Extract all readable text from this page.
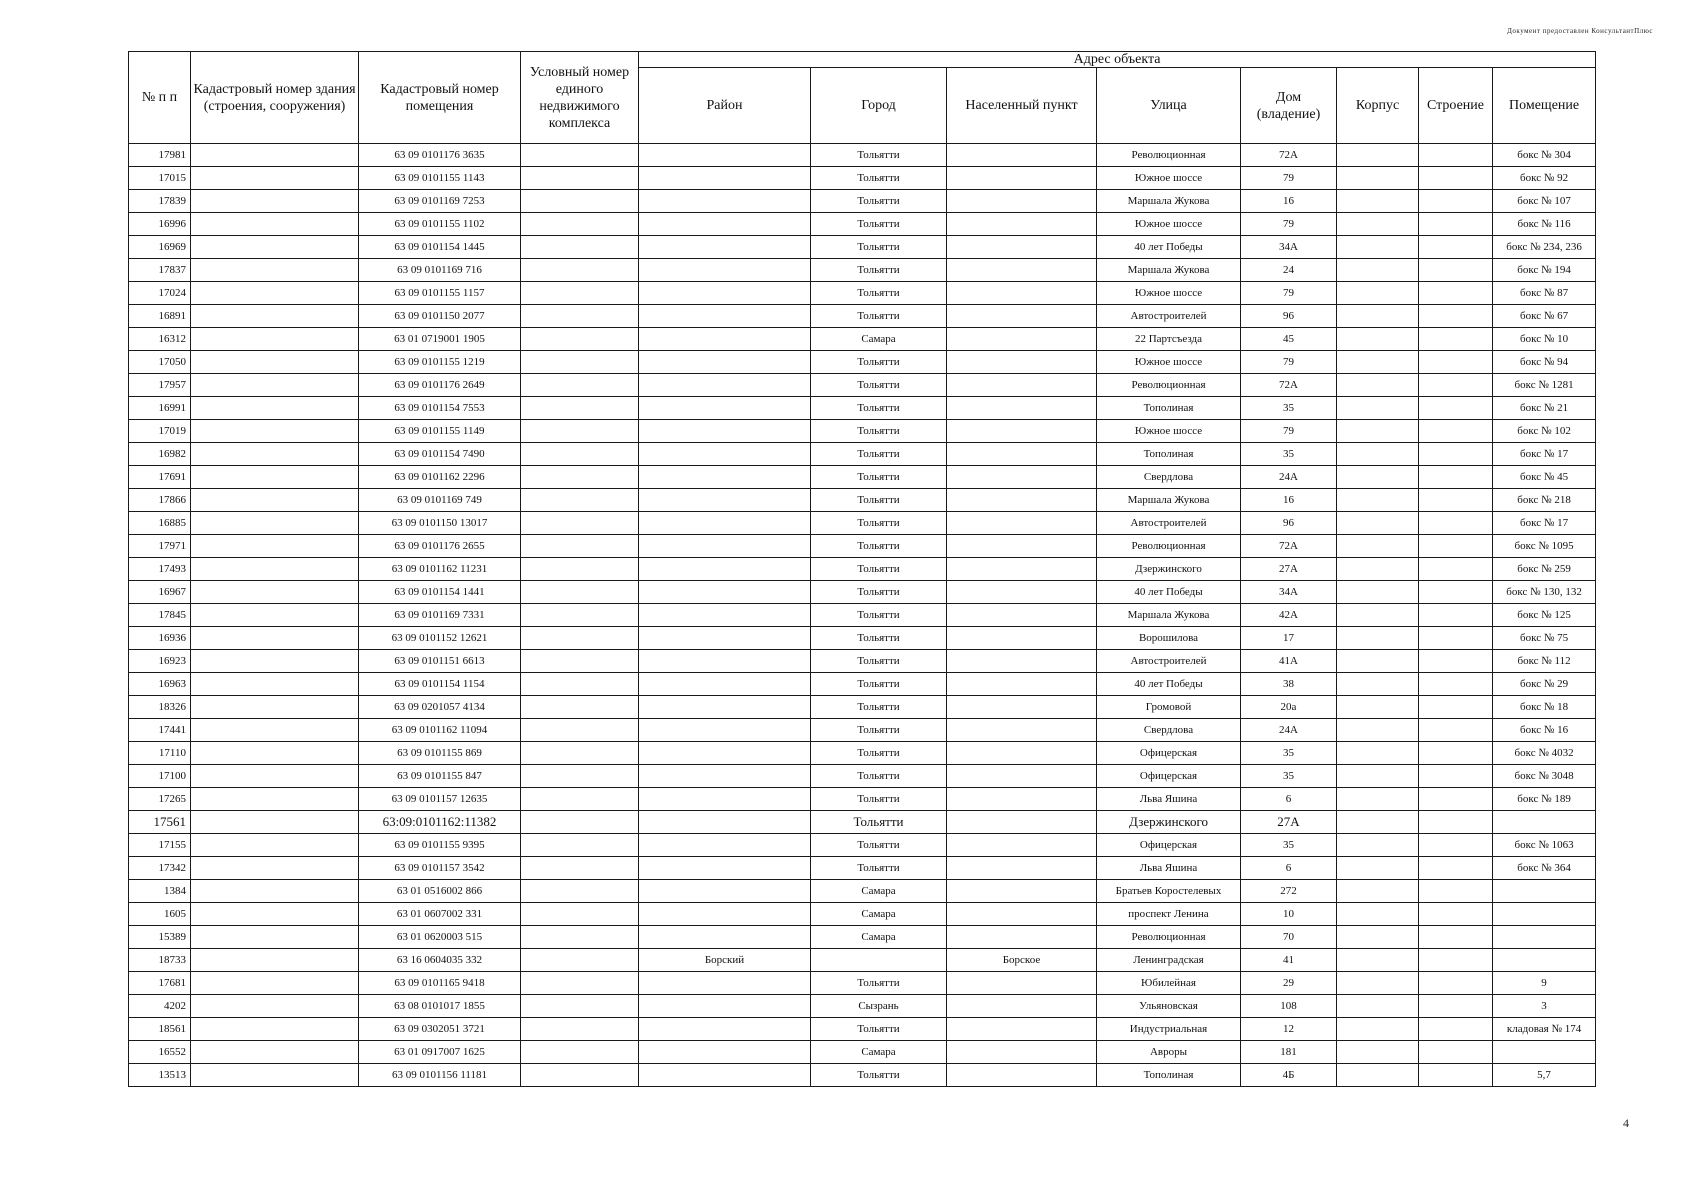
Документ предоставлен КонсультантПлюс
№ п п	Кадастровый номер здания (строения, сооружения)	Кадастровый номер помещения	Условный номер единого недвижимого комплекса	Адрес объекта							
				Район	Город	Населенный пункт	Улица	Дом (владение)	Корпус	Строение	Помещение
17981		63 09 0101176 3635			Тольятти		Революционная	72А			бокс № 304
17015		63 09 0101155 1143			Тольятти		Южное шоссе	79			бокс № 92
17839		63 09 0101169 7253			Тольятти		Маршала Жукова	16			бокс № 107
16996		63 09 0101155 1102			Тольятти		Южное шоссе	79			бокс № 116
16969		63 09 0101154 1445			Тольятти		40 лет Победы	34А			бокс № 234, 236
17837		63 09 0101169 716			Тольятти		Маршала Жукова	24			бокс № 194
17024		63 09 0101155 1157			Тольятти		Южное шоссе	79			бокс № 87
16891		63 09 0101150 2077			Тольятти		Автостроителей	96			бокс № 67
16312		63 01 0719001 1905			Самара		22 Партсъезда	45			бокс № 10
17050		63 09 0101155 1219			Тольятти		Южное шоссе	79			бокс № 94
17957		63 09 0101176 2649			Тольятти		Революционная	72А			бокс № 1281
16991		63 09 0101154 7553			Тольятти		Тополиная	35			бокс № 21
17019		63 09 0101155 1149			Тольятти		Южное шоссе	79			бокс № 102
16982		63 09 0101154 7490			Тольятти		Тополиная	35			бокс № 17
17691		63 09 0101162 2296			Тольятти		Свердлова	24А			бокс № 45
17866		63 09 0101169 749			Тольятти		Маршала Жукова	16			бокс № 218
16885		63 09 0101150 13017			Тольятти		Автостроителей	96			бокс № 17
17971		63 09 0101176 2655			Тольятти		Революционная	72А			бокс № 1095
17493		63 09 0101162 11231			Тольятти		Дзержинского	27А			бокс № 259
16967		63 09 0101154 1441			Тольятти		40 лет Победы	34А			бокс № 130, 132
17845		63 09 0101169 7331			Тольятти		Маршала Жукова	42А			бокс № 125
16936		63 09 0101152 12621			Тольятти		Ворошилова	17			бокс № 75
16923		63 09 0101151 6613			Тольятти		Автостроителей	41А			бокс № 112
16963		63 09 0101154 1154			Тольятти		40 лет Победы	38			бокс № 29
18326		63 09 0201057 4134			Тольятти		Громовой	20а			бокс № 18
17441		63 09 0101162 11094			Тольятти		Свердлова	24А			бокс № 16
17110		63 09 0101155 869			Тольятти		Офицерская	35			бокс № 4032
17100		63 09 0101155 847			Тольятти		Офицерская	35			бокс № 3048
17265		63 09 0101157 12635			Тольятти		Льва Яшина	6			бокс № 189
17561		63:09:0101162:11382			Тольятти		Дзержинского	27А			
17155		63 09 0101155 9395			Тольятти		Офицерская	35			бокс № 1063
17342		63 09 0101157 3542			Тольятти		Льва Яшина	6			бокс № 364
1384		63 01 0516002 866			Самара		Братьев Коростелевых	272			
1605		63 01 0607002 331			Самара		проспект Ленина	10			
15389		63 01 0620003 515			Самара		Революционная	70			
18733		63 16 0604035 332		Борский		Борское	Ленинградская	41			
17681		63 09 0101165 9418			Тольятти		Юбилейная	29			9
4202		63 08 0101017 1855			Сызрань		Ульяновская	108			3
18561		63 09 0302051 3721			Тольятти		Индустриальная	12			кладовая № 174
16552		63 01 0917007 1625			Самара		Авроры	181			
13513		63 09 0101156 11181			Тольятти		Тополиная	4Б			5,7
4
